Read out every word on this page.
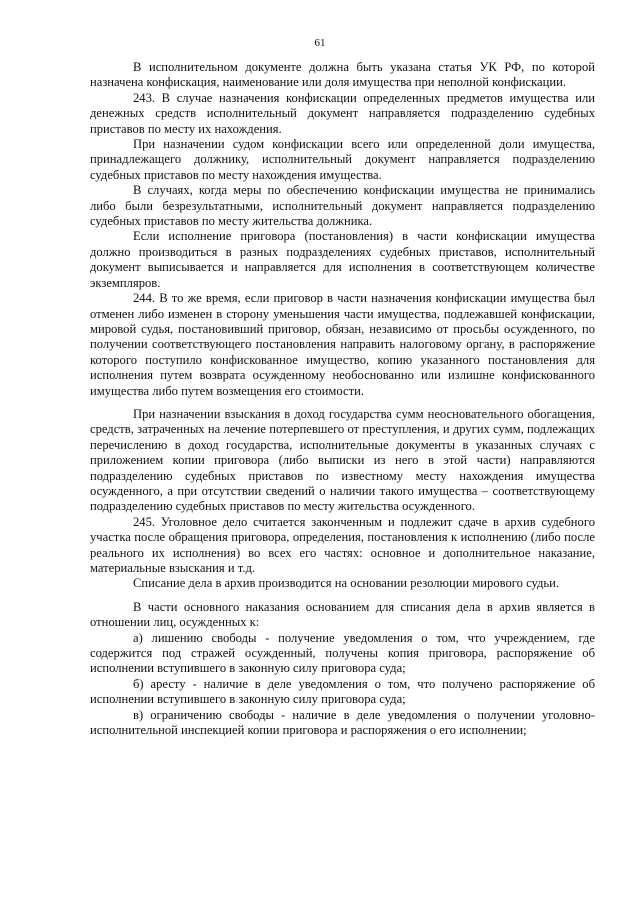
61

В исполнительном документе должна быть указана статья УК РФ, по которой назначена конфискация, наименование или доля имущества при неполной конфискации.

243. В случае назначения конфискации определенных предметов имущества или денежных средств исполнительный документ направляется подразделению судебных приставов по месту их нахождения.

При назначении судом конфискации всего или определенной доли имущества, принадлежащего должнику, исполнительный документ направляется подразделению судебных приставов по месту нахождения имущества.

В случаях, когда меры по обеспечению конфискации имущества не принимались либо были безрезультатными, исполнительный документ направляется подразделению судебных приставов по месту жительства должника.

Если исполнение приговора (постановления) в части конфискации имущества должно производиться в разных подразделениях судебных приставов, исполнительный документ выписывается и направляется для исполнения в соответствующем количестве экземпляров.

244. В то же время, если приговор в части назначения конфискации имущества был отменен либо изменен в сторону уменьшения части имущества, подлежавшей конфискации, мировой судья, постановивший приговор, обязан, независимо от просьбы осужденного, по получении соответствующего постановления направить налоговому органу, в распоряжение которого поступило конфискованное имущество, копию указанного постановления для исполнения путем возврата осужденному необоснованно или излишне конфискованного имущества либо путем возмещения его стоимости.

При назначении взыскания в доход государства сумм неосновательного обогащения, средств, затраченных на лечение потерпевшего от преступления, и других сумм, подлежащих перечислению в доход государства, исполнительные документы в указанных случаях с приложением копии приговора (либо выписки из него в этой части) направляются подразделению судебных приставов по известному месту нахождения имущества осужденного, а при отсутствии сведений о наличии такого имущества – соответствующему подразделению судебных приставов по месту жительства осужденного.

245. Уголовное дело считается законченным и подлежит сдаче в архив судебного участка после обращения приговора, определения, постановления к исполнению (либо после реального их исполнения) во всех его частях: основное и дополнительное наказание, материальные взыскания и т.д.

Списание дела в архив производится на основании резолюции мирового судьи.

В части основного наказания основанием для списания дела в архив является в отношении лиц, осужденных к:

а) лишению свободы - получение уведомления о том, что учреждением, где содержится под стражей осужденный, получены копия приговора, распоряжение об исполнении вступившего в законную силу приговора суда;

б) аресту - наличие в деле уведомления о том, что получено распоряжение об исполнении вступившего в законную силу приговора суда;

в) ограничению свободы - наличие в деле уведомления о получении уголовно-исполнительной инспекцией копии приговора и распоряжения о его исполнении;
